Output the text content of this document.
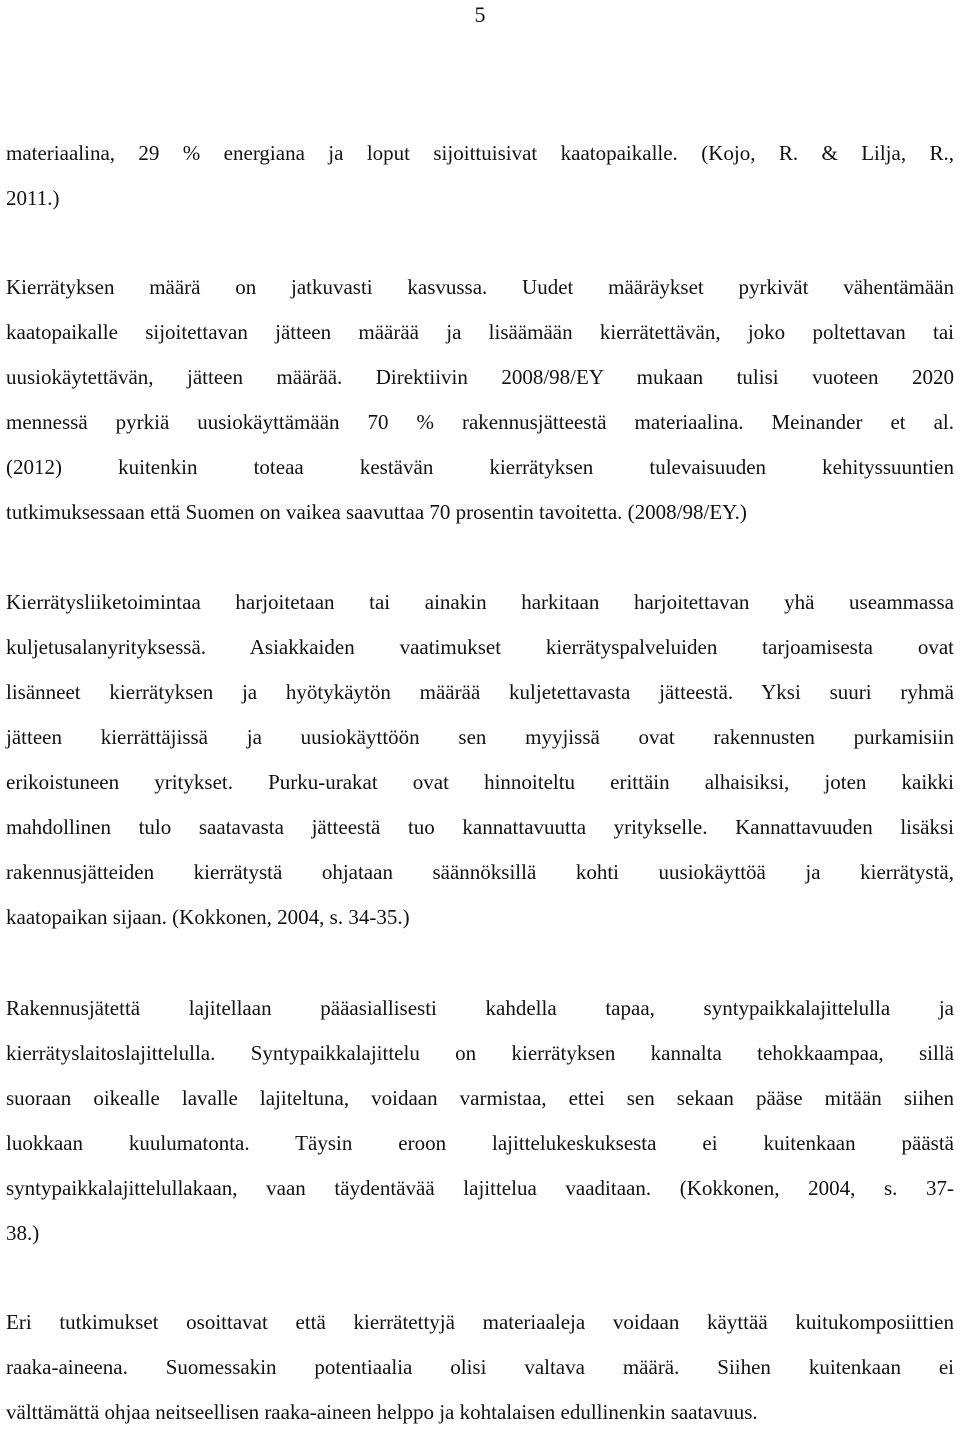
5
materiaalina, 29 % energiana ja loput sijoittuisivat kaatopaikalle. (Kojo, R. & Lilja, R.,
2011.)
Kierrätyksen määrä on jatkuvasti kasvussa. Uudet määräykset pyrkivät vähentämään
kaatopaikalle sijoitettavan jätteen määrää ja lisäämään kierrätettävän, joko poltettavan tai
uusiokäytettävän, jätteen määrää. Direktiivin 2008/98/EY mukaan tulisi vuoteen 2020
mennessä pyrkiä uusiokäyttämään 70 % rakennusjätteestä materiaalina. Meinander et al.
(2012) kuitenkin toteaa kestävän kierrätyksen tulevaisuuden kehityssuuntien
tutkimuksessaan että Suomen on vaikea saavuttaa 70 prosentin tavoitetta. (2008/98/EY.)
Kierrätysliiketoimintaa harjoitetaan tai ainakin harkitaan harjoitettavan yhä useammassa
kuljetusalanyrityksessä. Asiakkaiden vaatimukset kierrätyspalveluiden tarjoamisesta ovat
lisänneet kierrätyksen ja hyötykäytön määrää kuljetettavasta jätteestä. Yksi suuri ryhmä
jätteen kierrättäjissä ja uusiokäyttöön sen myyjissä ovat rakennusten purkamisiin
erikoistuneen yritykset. Purku-urakat ovat hinnoiteltu erittäin alhaisiksi, joten kaikki
mahdollinen tulo saatavasta jätteestä tuo kannattavuutta yritykselle. Kannattavuuden lisäksi
rakennusjätteiden kierrätystä ohjataan säännöksillä kohti uusiokäyttöä ja kierrätystä,
kaatopaikan sijaan. (Kokkonen, 2004, s. 34-35.)
Rakennusjätettä lajitellaan pääasiallisesti kahdella tapaa, syntypaikkalajittelulla ja
kierrätyslaitoslajittelulla. Syntypaikkalajittelu on kierrätyksen kannalta tehokkaampaa, sillä
suoraan oikealle lavalle lajiteltuna, voidaan varmistaa, ettei sen sekaan pääse mitään siihen
luokkaan kuulumatonta. Täysin eroon lajittelukeskuksesta ei kuitenkaan päästä
syntypaikkalajittelullakaan, vaan täydentävää lajittelua vaaditaan. (Kokkonen, 2004, s. 37-
38.)
Eri tutkimukset osoittavat että kierrätettyjä materiaaleja voidaan käyttää kuitukomposiittien
raaka-aineena. Suomessakin potentiaalia olisi valtava määrä. Siihen kuitenkaan ei
välttämättä ohjaa neitseellisen raaka-aineen helppo ja kohtalaisen edullinenkin saatavuus.
